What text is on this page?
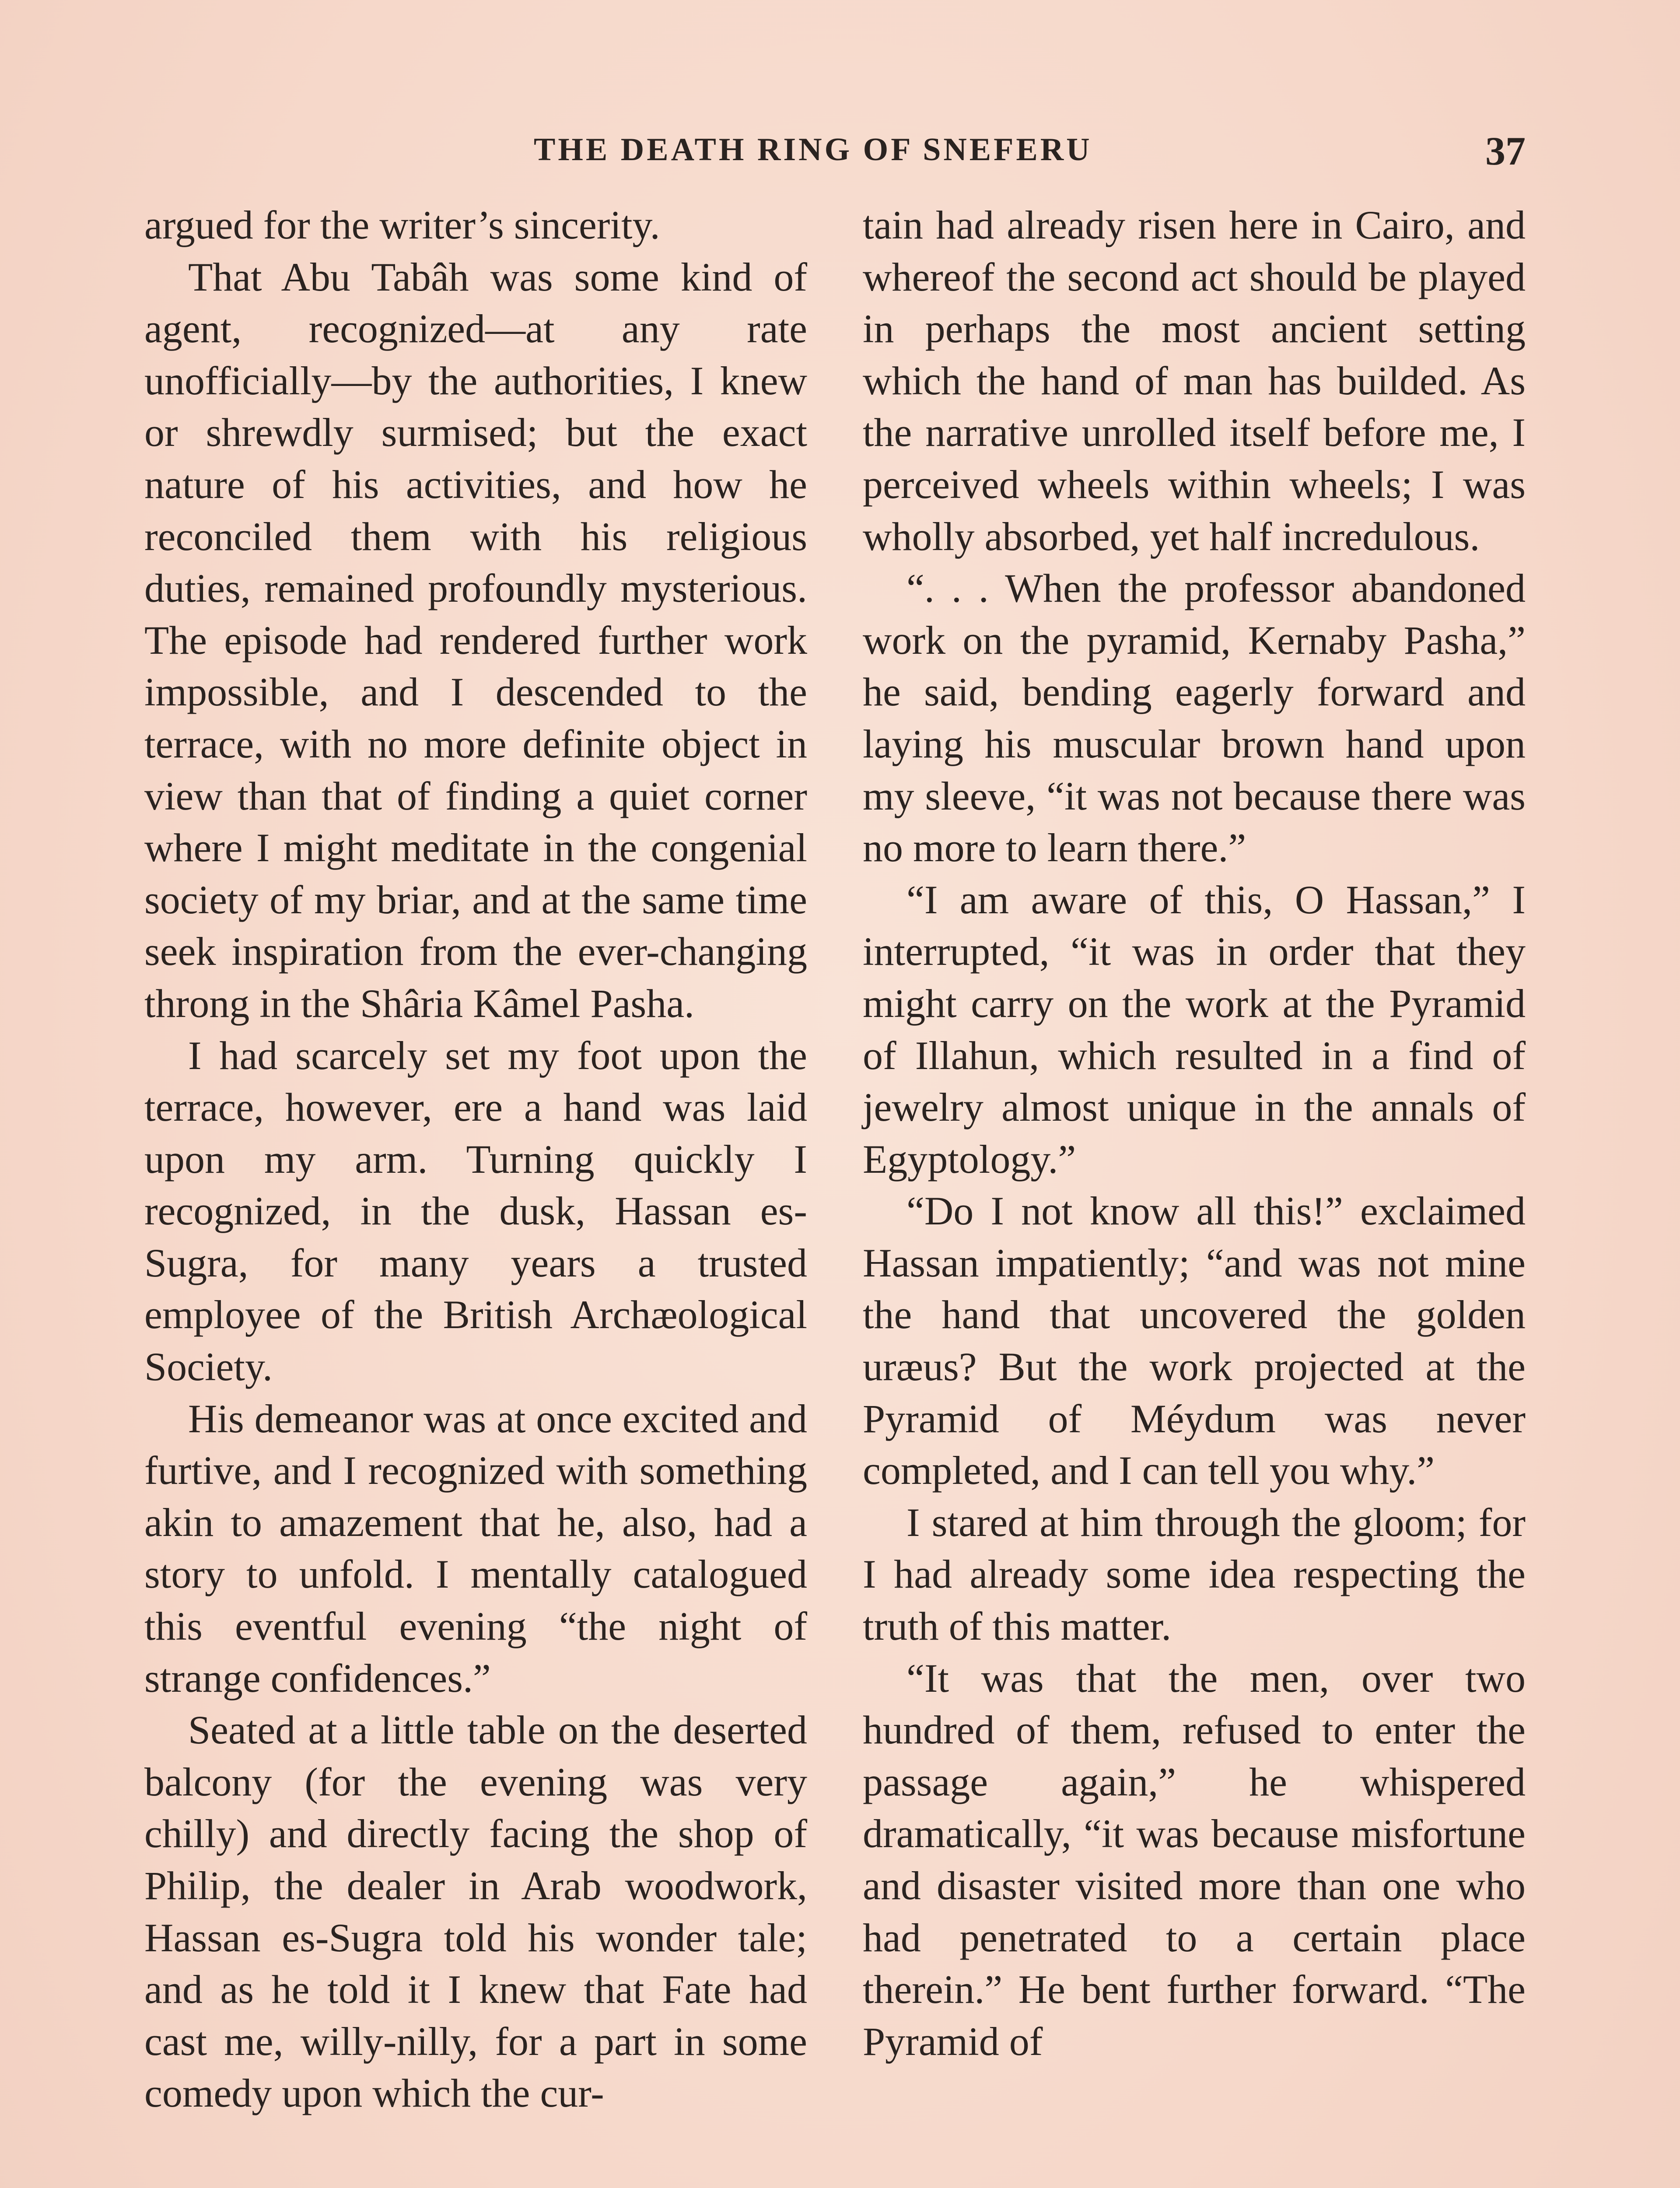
THE DEATH RING OF SNEFERU	37

argued for the writer’s sincerity.

That Abu Tabâh was some kind of agent, recognized—at any rate unofficially—by the authorities, I knew or shrewdly surmised; but the exact nature of his activities, and how he reconciled them with his religious duties, remained profoundly mysterious. The episode had rendered further work impossible, and I descended to the terrace, with no more definite object in view than that of finding a quiet corner where I might meditate in the congenial society of my briar, and at the same time seek inspiration from the ever-changing throng in the Shâria Kâmel Pasha.

I had scarcely set my foot upon the terrace, however, ere a hand was laid upon my arm. Turning quickly I recognized, in the dusk, Hassan es-Sugra, for many years a trusted employee of the British Archæological Society.

His demeanor was at once excited and furtive, and I recognized with something akin to amazement that he, also, had a story to unfold. I mentally catalogued this eventful evening “the night of strange confidences.”

Seated at a little table on the deserted balcony (for the evening was very chilly) and directly facing the shop of Philip, the dealer in Arab woodwork, Hassan es-Sugra told his wonder tale; and as he told it I knew that Fate had cast me, willy-nilly, for a part in some comedy upon which the cur-

tain had already risen here in Cairo, and whereof the second act should be played in perhaps the most ancient setting which the hand of man has builded. As the narrative unrolled itself before me, I perceived wheels within wheels; I was wholly absorbed, yet half incredulous.

“. . . When the professor abandoned work on the pyramid, Kernaby Pasha,” he said, bending eagerly forward and laying his muscular brown hand upon my sleeve, “it was not because there was no more to learn there.”

“I am aware of this, O Hassan,” I interrupted, “it was in order that they might carry on the work at the Pyramid of Illahun, which resulted in a find of jewelry almost unique in the annals of Egyptology.”

“Do I not know all this!” exclaimed Hassan impatiently; “and was not mine the hand that uncovered the golden uræus? But the work projected at the Pyramid of Méydum was never completed, and I can tell you why.”

I stared at him through the gloom; for I had already some idea respecting the truth of this matter.

“It was that the men, over two hundred of them, refused to enter the passage again,” he whispered dramatically, “it was because misfortune and disaster visited more than one who had penetrated to a certain place therein.” He bent further forward. “The Pyramid of
